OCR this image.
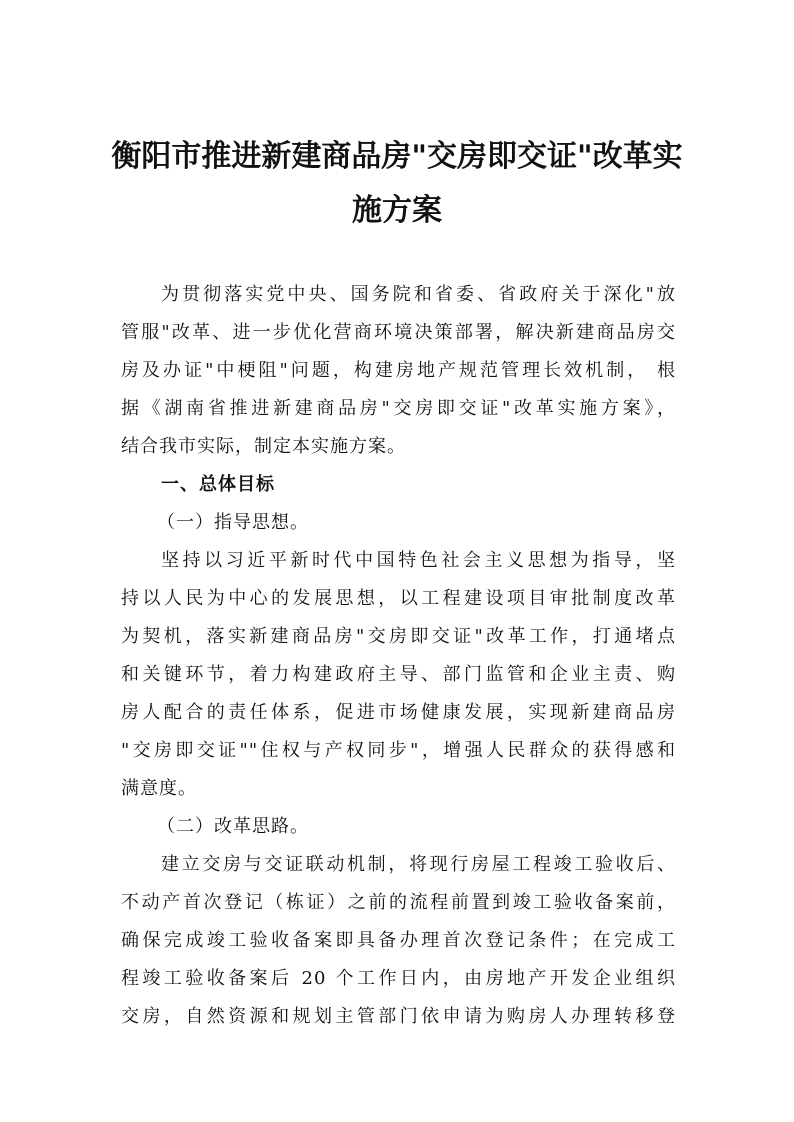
衡阳市推进新建商品房"交房即交证"改革实
施方案
为贯彻落实党中央、国务院和省委、省政府关于深化"放
管服"改革、进一步优化营商环境决策部署，解决新建商品房交
房及办证"中梗阻"问题，构建房地产规范管理长效机制， 根
据《湖南省推进新建商品房"交房即交证"改革实施方案》，
结合我市实际，制定本实施方案。
一、总体目标
（一）指导思想。
坚持以习近平新时代中国特色社会主义思想为指导，坚
持以人民为中心的发展思想，以工程建设项目审批制度改革
为契机，落实新建商品房"交房即交证"改革工作，打通堵点
和关键环节，着力构建政府主导、部门监管和企业主责、购
房人配合的责任体系，促进市场健康发展，实现新建商品房
"交房即交证""住权与产权同步"，增强人民群众的获得感和
满意度。
（二）改革思路。
建立交房与交证联动机制，将现行房屋工程竣工验收后、
不动产首次登记（栋证）之前的流程前置到竣工验收备案前，
确保完成竣工验收备案即具备办理首次登记条件；在完成工
程竣工验收备案后 20 个工作日内，由房地产开发企业组织
交房，自然资源和规划主管部门依申请为购房人办理转移登
